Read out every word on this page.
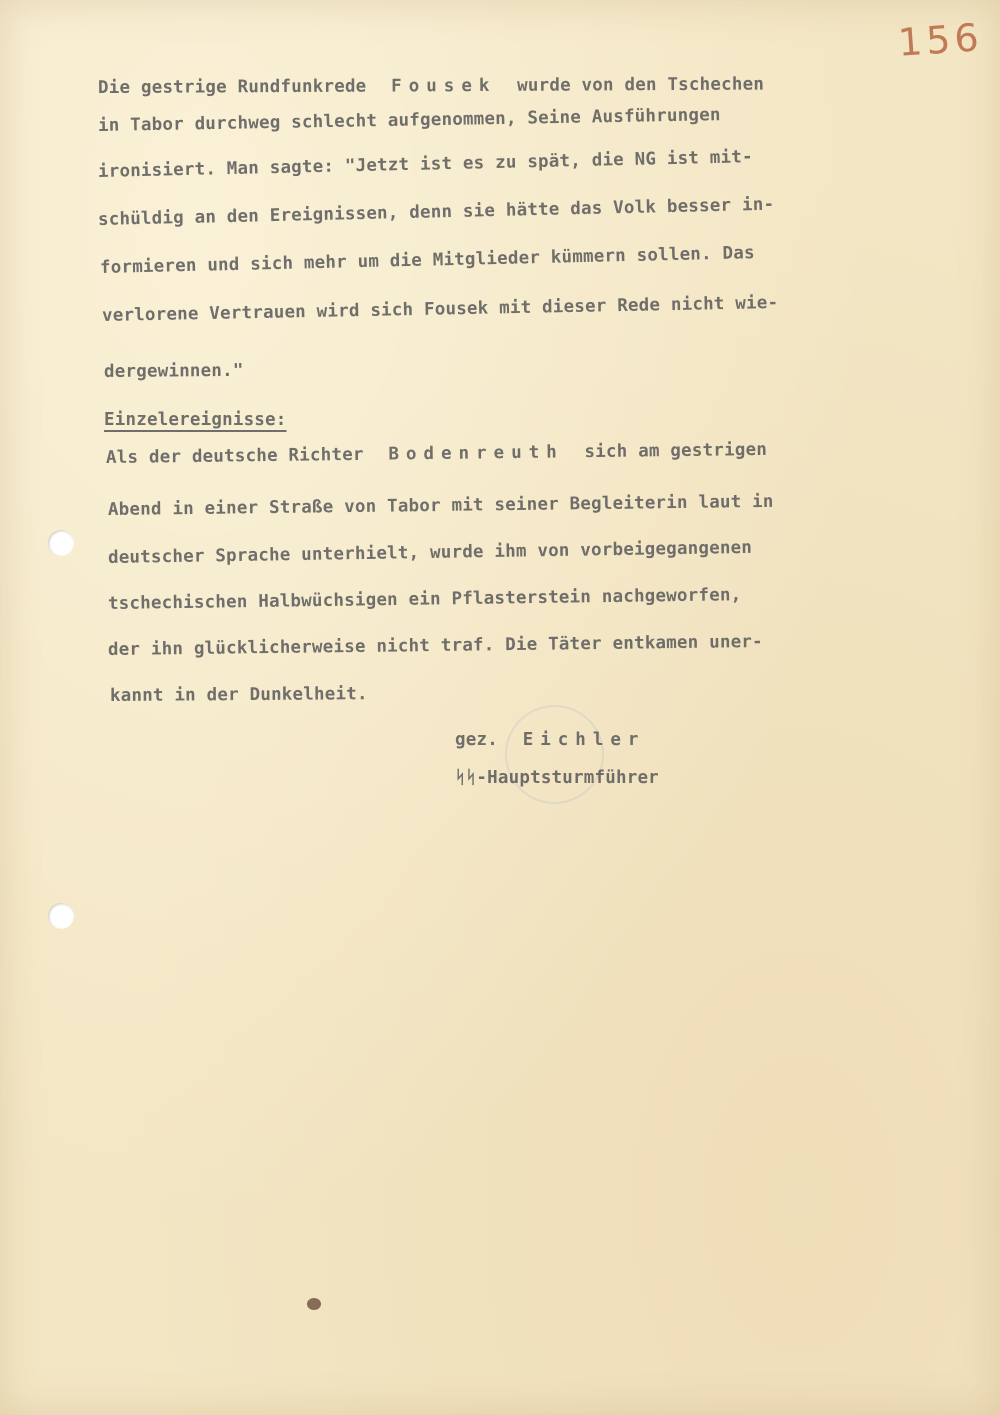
156
Die gestrige Rundfunkrede Fousek wurde von den Tschechen
in Tabor durchweg schlecht aufgenommen, Seine Ausführungen
ironisiert. Man sagte: "Jetzt ist es zu spät, die NG ist mit-
schüldig an den Ereignissen, denn sie hätte das Volk besser in-
formieren und sich mehr um die Mitglieder kümmern sollen. Das
verlorene Vertrauen wird sich Fousek mit dieser Rede nicht wie-
dergewinnen."
Einzelereignisse:
Als der deutsche Richter Bodenreuth sich am gestrigen
Abend in einer Straße von Tabor mit seiner Begleiterin laut in
deutscher Sprache unterhielt, wurde ihm von vorbeigegangenen
tschechischen Halbwüchsigen ein Pflasterstein nachgeworfen,
der ihn glücklicherweise nicht traf. Die Täter entkamen uner-
kannt in der Dunkelheit.
gez. Eichler
ᛋᛋ-Hauptsturmführer
